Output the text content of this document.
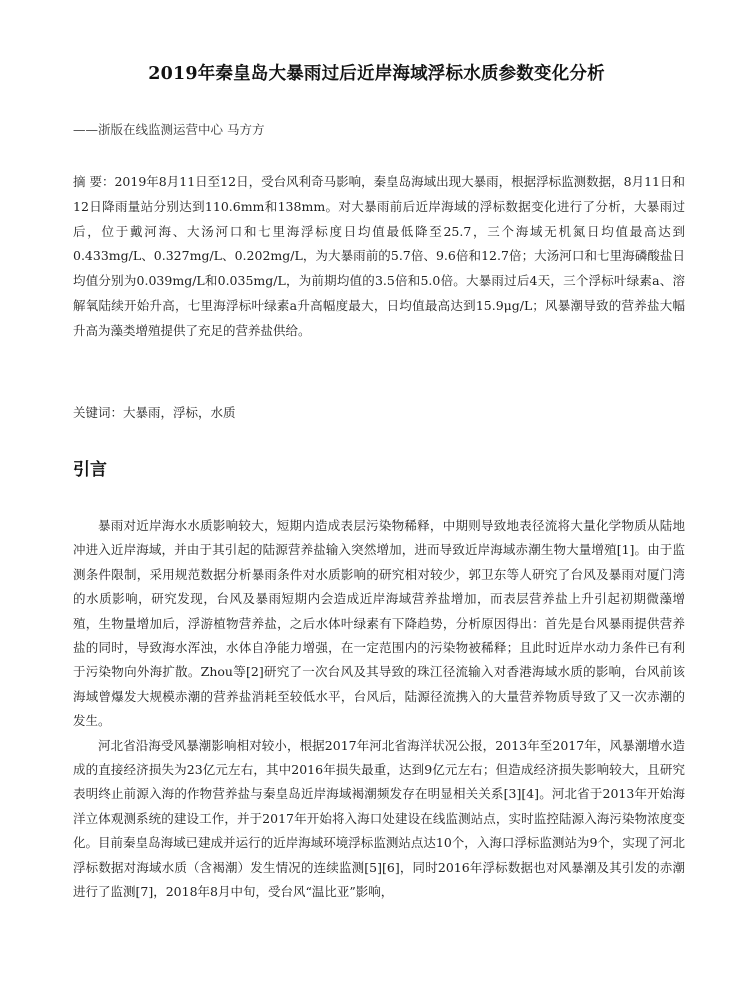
2019年秦皇岛大暴雨过后近岸海域浮标水质参数变化分析
——浙版在线监测运营中心 马方方
摘 要：2019年8月11日至12日，受台风利奇马影响，秦皇岛海域出现大暴雨，根据浮标监测数据，8月11日和12日降雨量站分别达到110.6mm和138mm。对大暴雨前后近岸海域的浮标数据变化进行了分析，大暴雨过后，位于戴河海、大汤河口和七里海浮标度日均值最低降至25.7，三个海域无机氮日均值最高达到0.433mg/L、0.327mg/L、0.202mg/L，为大暴雨前的5.7倍、9.6倍和12.7倍；大汤河口和七里海磷酸盐日均值分别为0.039mg/L和0.035mg/L，为前期均值的3.5倍和5.0倍。大暴雨过后4天，三个浮标叶绿素a、溶解氧陆续开始升高，七里海浮标叶绿素a升高幅度最大，日均值最高达到15.9μg/L；风暴潮导致的营养盐大幅升高为藻类增殖提供了充足的营养盐供给。
关键词：大暴雨，浮标，水质
引言

暴雨对近岸海水水质影响较大，短期内造成表层污染物稀释，中期则导致地表径流将大量化学物质从陆地冲进入近岸海域，并由于其引起的陆源营养盐输入突然增加，进而导致近岸海域赤潮生物大量增殖[1]。由于监测条件限制，采用规范数据分析暴雨条件对水质影响的研究相对较少，郭卫东等人研究了台风及暴雨对厦门湾的水质影响，研究发现，台风及暴雨短期内会造成近岸海域营养盐增加，而表层营养盐上升引起初期微藻增殖，生物量增加后，浮游植物营养盐，之后水体叶绿素有下降趋势，分析原因得出：首先是台风暴雨提供营养盐的同时，导致海水浑浊，水体自净能力增强，在一定范围内的污染物被稀释；且此时近岸水动力条件已有利于污染物向外海扩散。Zhou等[2]研究了一次台风及其导致的珠江径流输入对香港海域水质的影响，台风前该海域曾爆发大规模赤潮的营养盐消耗至较低水平，台风后，陆源径流携入的大量营养物质导致了又一次赤潮的发生。

河北省沿海受风暴潮影响相对较小，根据2017年河北省海洋状况公报，2013年至2017年，风暴潮增水造成的直接经济损失为23亿元左右，其中2016年损失最重，达到9亿元左右；但造成经济损失影响较大，且研究表明终止前源入海的作物营养盐与秦皇岛近岸海域褐潮频发存在明显相关关系[3][4]。河北省于2013年开始海洋立体观测系统的建设工作，并于2017年开始将入海口处建设在线监测站点，实时监控陆源入海污染物浓度变化。目前秦皇岛海域已建成并运行的近岸海域环境浮标监测站点达10个，入海口浮标监测站为9个，实现了河北浮标数据对海域水质（含褐潮）发生情况的连续监测[5][6]，同时2016年浮标数据也对风暴潮及其引发的赤潮进行了监测[7]，2018年8月中旬，受台风“温比亚”影响，
